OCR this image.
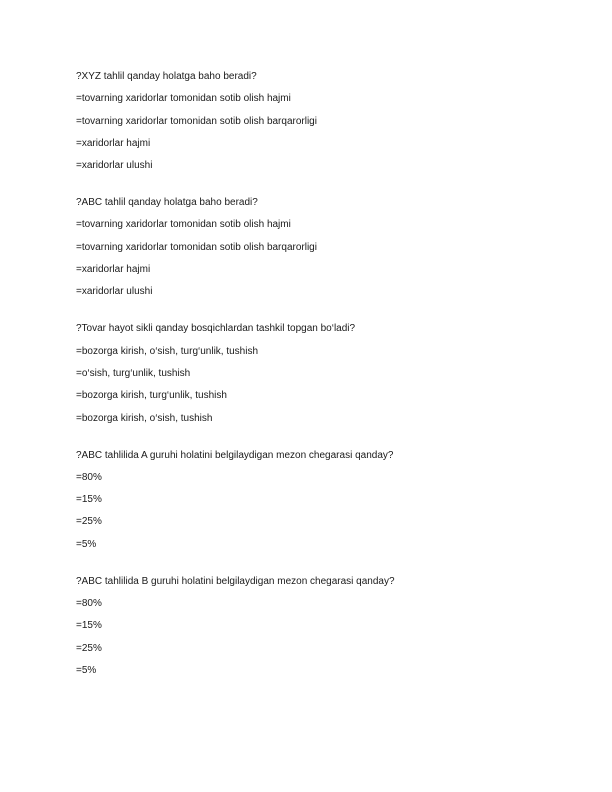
?XYZ tahlil qanday holatga baho beradi?
=tovarning xaridorlar tomonidan sotib olish hajmi
=tovarning xaridorlar tomonidan sotib olish barqarorligi
=xaridorlar hajmi
=xaridorlar ulushi
?ABC tahlil qanday holatga baho beradi?
=tovarning xaridorlar tomonidan sotib olish hajmi
=tovarning xaridorlar tomonidan sotib olish barqarorligi
=xaridorlar hajmi
=xaridorlar ulushi
?Tovar hayot sikli qanday bosqichlardan tashkil topgan bo‘ladi?
=bozorga kirish, o‘sish, turg‘unlik, tushish
=o‘sish, turg‘unlik, tushish
=bozorga kirish, turg‘unlik, tushish
=bozorga kirish, o‘sish, tushish
?ABC tahlilida A guruhi holatini belgilaydigan mezon chegarasi qanday?
=80%
=15%
=25%
=5%
?ABC tahlilida B guruhi holatini belgilaydigan mezon chegarasi qanday?
=80%
=15%
=25%
=5%
